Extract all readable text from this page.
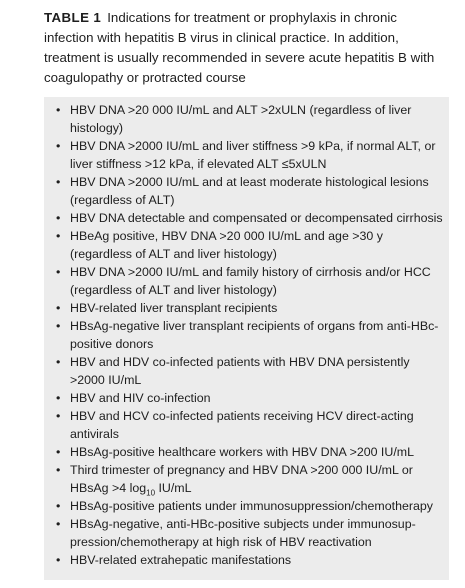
TABLE 1 Indications for treatment or prophylaxis in chronic infection with hepatitis B virus in clinical practice. In addition, treatment is usually recommended in severe acute hepatitis B with coagulopathy or protracted course
• HBV DNA >20 000 IU/mL and ALT >2xULN (regardless of liver histology)
• HBV DNA >2000 IU/mL and liver stiffness >9 kPa, if normal ALT, or liver stiffness >12 kPa, if elevated ALT ≤5xULN
• HBV DNA >2000 IU/mL and at least moderate histological lesions (regardless of ALT)
• HBV DNA detectable and compensated or decompensated cirrhosis
• HBeAg positive, HBV DNA >20 000 IU/mL and age >30 y (regardless of ALT and liver histology)
• HBV DNA >2000 IU/mL and family history of cirrhosis and/or HCC (regardless of ALT and liver histology)
• HBV-related liver transplant recipients
• HBsAg-negative liver transplant recipients of organs from anti-HBc-positive donors
• HBV and HDV co-infected patients with HBV DNA persistently >2000 IU/mL
• HBV and HIV co-infection
• HBV and HCV co-infected patients receiving HCV direct-acting antivirals
• HBsAg-positive healthcare workers with HBV DNA >200 IU/mL
• Third trimester of pregnancy and HBV DNA >200 000 IU/mL or HBsAg >4 $\log_{10} IU/mL$
• HBsAg-positive patients under immunosuppression/chemotherapy
• HBsAg-negative, anti-HBc-positive subjects under immunosup-pression/chemotherapy at high risk of HBV reactivation
• HBV-related extrahepatic manifestations
